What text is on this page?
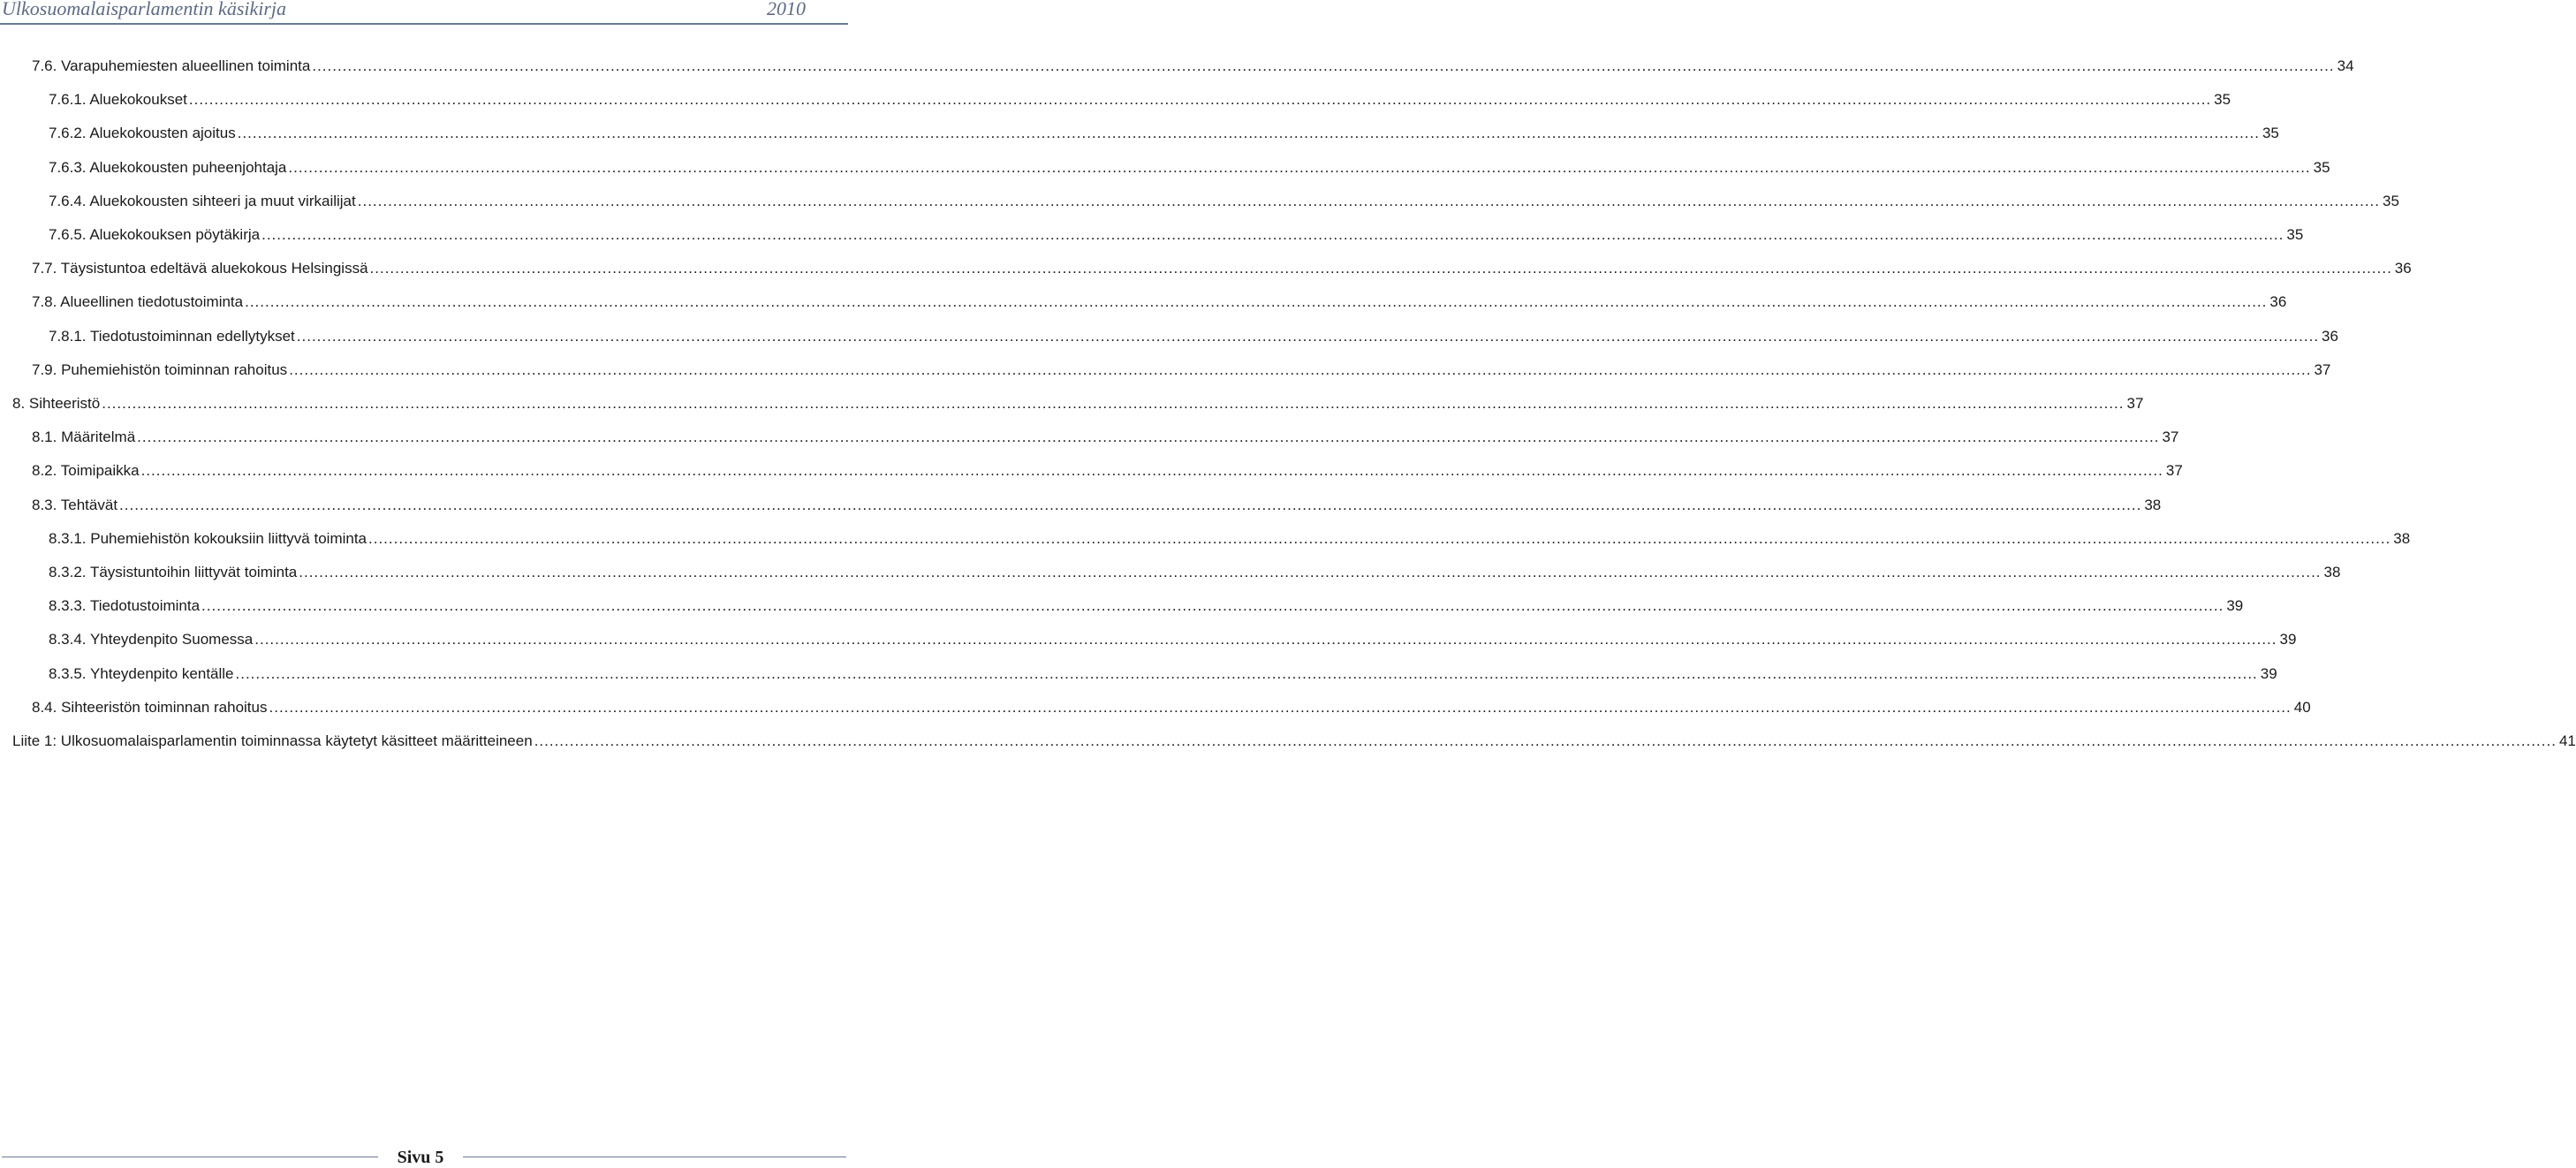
Ulkosuomalaisparlamentin käsikirja	2010
7.6. Varapuhemiesten alueellinen toiminta ................................................................................................................................................................................................................................................................................................................................................................................................................ 34
7.6.1. Aluekokoukset ................................................................................................................................................................................................................................................................................................................................................................................................................ 35
7.6.2. Aluekokousten ajoitus ................................................................................................................................................................................................................................................................................................................................................................................................................ 35
7.6.3. Aluekokousten puheenjohtaja ................................................................................................................................................................................................................................................................................................................................................................................................................ 35
7.6.4. Aluekokousten sihteeri ja muut virkailijat ................................................................................................................................................................................................................................................................................................................................................................................................................ 35
7.6.5. Aluekokouksen pöytäkirja ................................................................................................................................................................................................................................................................................................................................................................................................................ 35
7.7. Täysistuntoa edeltävä aluekokous Helsingissä ................................................................................................................................................................................................................................................................................................................................................................................................................ 36
7.8. Alueellinen tiedotustoiminta ................................................................................................................................................................................................................................................................................................................................................................................................................ 36
7.8.1. Tiedotustoiminnan edellytykset ................................................................................................................................................................................................................................................................................................................................................................................................................ 36
7.9. Puhemiehistön toiminnan rahoitus ................................................................................................................................................................................................................................................................................................................................................................................................................ 37
8. Sihteeristö ................................................................................................................................................................................................................................................................................................................................................................................................................ 37
8.1. Määritelmä ................................................................................................................................................................................................................................................................................................................................................................................................................ 37
8.2. Toimipaikka ................................................................................................................................................................................................................................................................................................................................................................................................................ 37
8.3. Tehtävät ................................................................................................................................................................................................................................................................................................................................................................................................................ 38
8.3.1. Puhemiehistön kokouksiin liittyvä toiminta ................................................................................................................................................................................................................................................................................................................................................................................................................ 38
8.3.2. Täysistuntoihin liittyvät toiminta ................................................................................................................................................................................................................................................................................................................................................................................................................ 38
8.3.3. Tiedotustoiminta ................................................................................................................................................................................................................................................................................................................................................................................................................ 39
8.3.4. Yhteydenpito Suomessa ................................................................................................................................................................................................................................................................................................................................................................................................................ 39
8.3.5. Yhteydenpito kentälle ................................................................................................................................................................................................................................................................................................................................................................................................................ 39
8.4. Sihteeristön toiminnan rahoitus ................................................................................................................................................................................................................................................................................................................................................................................................................ 40
Liite 1: Ulkosuomalaisparlamentin toiminnassa käytetyt käsitteet määritteineen ................................................................................................................................................................................................................................................................................................................................................................................................................ 41
Sivu 5
